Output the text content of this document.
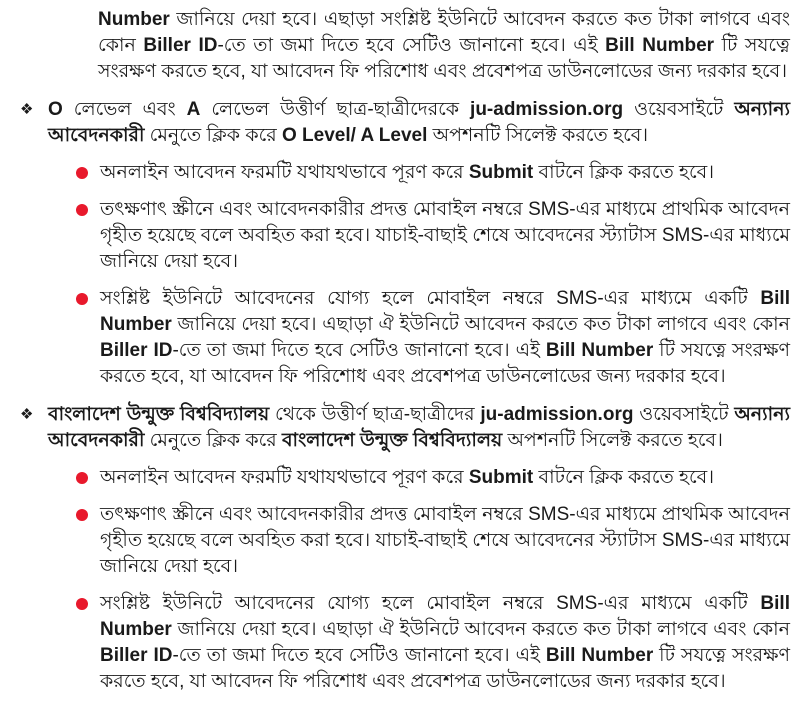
Number জানিয়ে দেয়া হবে। এছাড়া সংশ্লিষ্ট ইউনিটে আবেদন করতে কত টাকা লাগবে এবং কোন Biller ID-তে তা জমা দিতে হবে সেটিও জানানো হবে। এই Bill Number টি সযত্নে সংরক্ষণ করতে হবে, যা আবেদন ফি পরিশোধ এবং প্রবেশপত্র ডাউনলোডের জন্য দরকার হবে।

❖ O লেভেল এবং A লেভেল উত্তীর্ণ ছাত্র-ছাত্রীদেরকে ju-admission.org ওয়েবসাইটে অন্যান্য আবেদনকারী মেনুতে ক্লিক করে O Level/ A Level অপশনটি সিলেক্ট করতে হবে।
অনলাইন আবেদন ফরমটি যথাযথভাবে পূরণ করে Submit বাটনে ক্লিক করতে হবে।
তৎক্ষণাৎ স্ক্রীনে এবং আবেদনকারীর প্রদত্ত মোবাইল নম্বরে SMS-এর মাধ্যমে প্রাথমিক আবেদন গৃহীত হয়েছে বলে অবহিত করা হবে। যাচাই-বাছাই শেষে আবেদনের স্ট্যাটাস SMS-এর মাধ্যমে জানিয়ে দেয়া হবে।
সংশ্লিষ্ট ইউনিটে আবেদনের যোগ্য হলে মোবাইল নম্বরে SMS-এর মাধ্যমে একটি Bill Number জানিয়ে দেয়া হবে। এছাড়া ঐ ইউনিটে আবেদন করতে কত টাকা লাগবে এবং কোন Biller ID-তে তা জমা দিতে হবে সেটিও জানানো হবে। এই Bill Number টি সযত্নে সংরক্ষণ করতে হবে, যা আবেদন ফি পরিশোধ এবং প্রবেশপত্র ডাউনলোডের জন্য দরকার হবে।
❖ বাংলাদেশ উন্মুক্ত বিশ্ববিদ্যালয় থেকে উত্তীর্ণ ছাত্র-ছাত্রীদের ju-admission.org ওয়েবসাইটে অন্যান্য আবেদনকারী মেনুতে ক্লিক করে বাংলাদেশ উন্মুক্ত বিশ্ববিদ্যালয় অপশনটি সিলেক্ট করতে হবে।
অনলাইন আবেদন ফরমটি যথাযথভাবে পূরণ করে Submit বাটনে ক্লিক করতে হবে।
তৎক্ষণাৎ স্ক্রীনে এবং আবেদনকারীর প্রদত্ত মোবাইল নম্বরে SMS-এর মাধ্যমে প্রাথমিক আবেদন গৃহীত হয়েছে বলে অবহিত করা হবে। যাচাই-বাছাই শেষে আবেদনের স্ট্যাটাস SMS-এর মাধ্যমে জানিয়ে দেয়া হবে।
সংশ্লিষ্ট ইউনিটে আবেদনের যোগ্য হলে মোবাইল নম্বরে SMS-এর মাধ্যমে একটি Bill Number জানিয়ে দেয়া হবে। এছাড়া ঐ ইউনিটে আবেদন করতে কত টাকা লাগবে এবং কোন Biller ID-তে তা জমা দিতে হবে সেটিও জানানো হবে। এই Bill Number টি সযত্নে সংরক্ষণ করতে হবে, যা আবেদন ফি পরিশোধ এবং প্রবেশপত্র ডাউনলোডের জন্য দরকার হবে।
